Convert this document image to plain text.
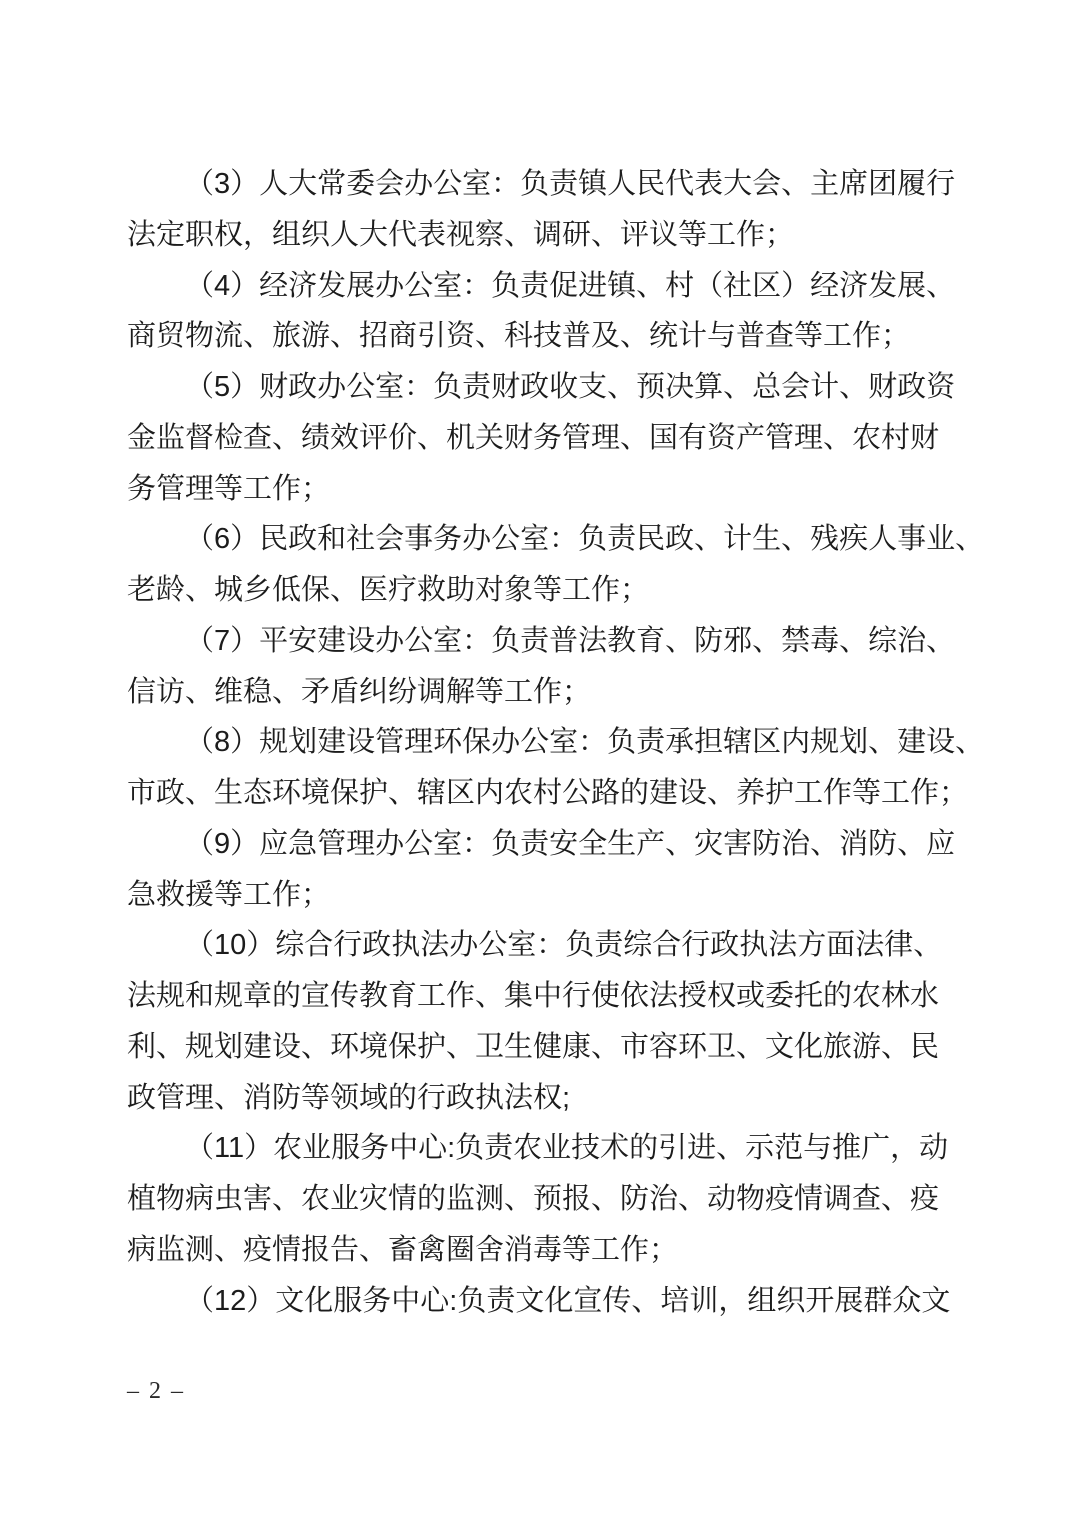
（3）人大常委会办公室：负责镇人民代表大会、主席团履行
法定职权，组织人大代表视察、调研、评议等工作；
（4）经济发展办公室：负责促进镇、村（社区）经济发展、
商贸物流、旅游、招商引资、科技普及、统计与普查等工作；
（5）财政办公室：负责财政收支、预决算、总会计、财政资
金监督检查、绩效评价、机关财务管理、国有资产管理、农村财
务管理等工作；
（6）民政和社会事务办公室：负责民政、计生、残疾人事业、
老龄、城乡低保、医疗救助对象等工作；
（7）平安建设办公室：负责普法教育、防邪、禁毒、综治、
信访、维稳、矛盾纠纷调解等工作；
（8）规划建设管理环保办公室：负责承担辖区内规划、建设、
市政、生态环境保护、辖区内农村公路的建设、养护工作等工作；
（9）应急管理办公室：负责安全生产、灾害防治、消防、应
急救援等工作；
（10）综合行政执法办公室：负责综合行政执法方面法律、
法规和规章的宣传教育工作、集中行使依法授权或委托的农林水
利、规划建设、环境保护、卫生健康、市容环卫、文化旅游、民
政管理、消防等领域的行政执法权;
（11）农业服务中心:负责农业技术的引进、示范与推广，动
植物病虫害、农业灾情的监测、预报、防治、动物疫情调查、疫
病监测、疫情报告、畜禽圈舍消毒等工作；
（12）文化服务中心:负责文化宣传、培训，组织开展群众文
– 2 –
